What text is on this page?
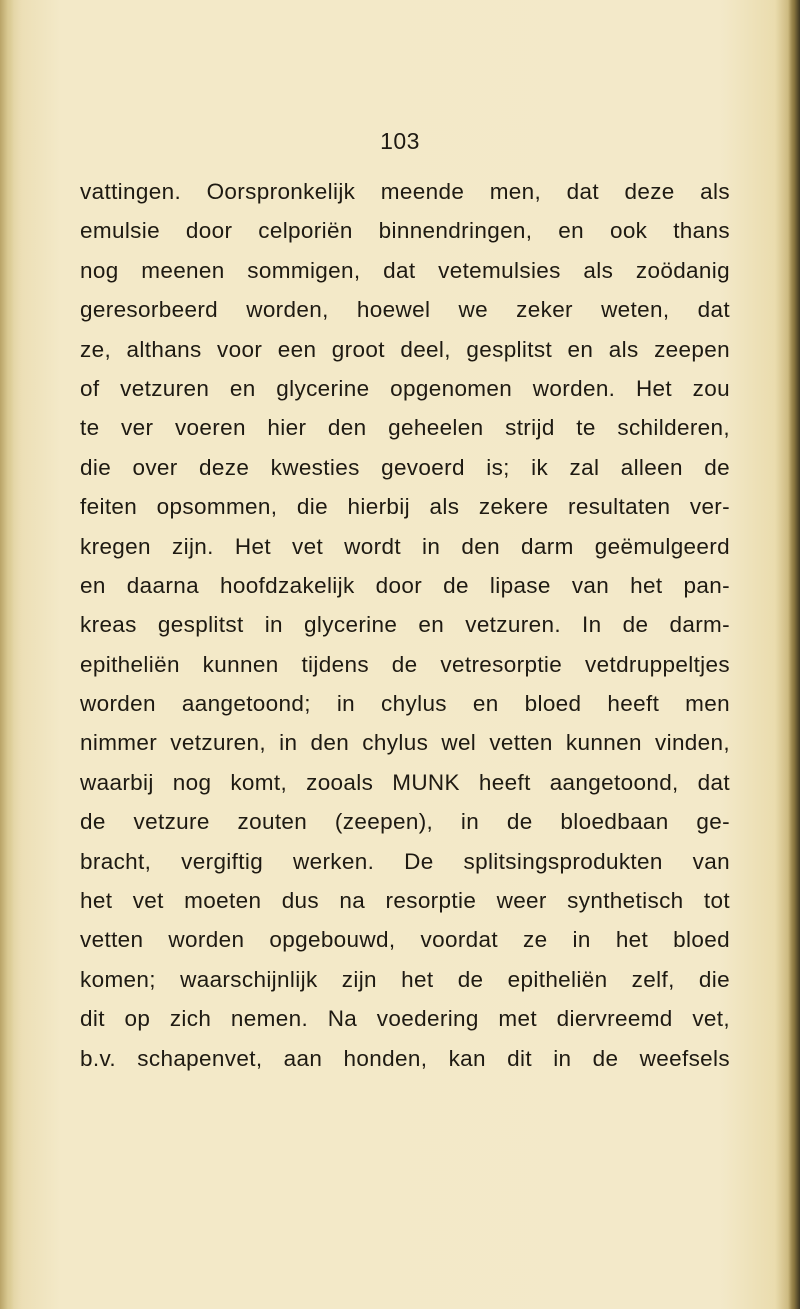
103
vattingen. Oorspronkelijk meende men, dat deze als
emulsie door celporiën binnendringen, en ook thans
nog meenen sommigen, dat vetemulsies als zoödanig
geresorbeerd worden, hoewel we zeker weten, dat
ze, althans voor een groot deel, gesplitst en als zeepen
of vetzuren en glycerine opgenomen worden. Het zou
te ver voeren hier den geheelen strijd te schilderen,
die over deze kwesties gevoerd is; ik zal alleen de
feiten opsommen, die hierbij als zekere resultaten ver-
kregen zijn. Het vet wordt in den darm geëmulgeerd
en daarna hoofdzakelijk door de lipase van het pan-
kreas gesplitst in glycerine en vetzuren. In de darm-
epitheliën kunnen tijdens de vetresorptie vetdruppeltjes
worden aangetoond; in chylus en bloed heeft men
nimmer vetzuren, in den chylus wel vetten kunnen vinden,
waarbij nog komt, zooals MUNK heeft aangetoond, dat
de vetzure zouten (zeepen), in de bloedbaan ge-
bracht, vergiftig werken. De splitsingsprodukten van
het vet moeten dus na resorptie weer synthetisch tot
vetten worden opgebouwd, voordat ze in het bloed
komen; waarschijnlijk zijn het de epitheliën zelf, die
dit op zich nemen. Na voedering met diervreemd vet,
b.v. schapenvet, aan honden, kan dit in de weefsels
